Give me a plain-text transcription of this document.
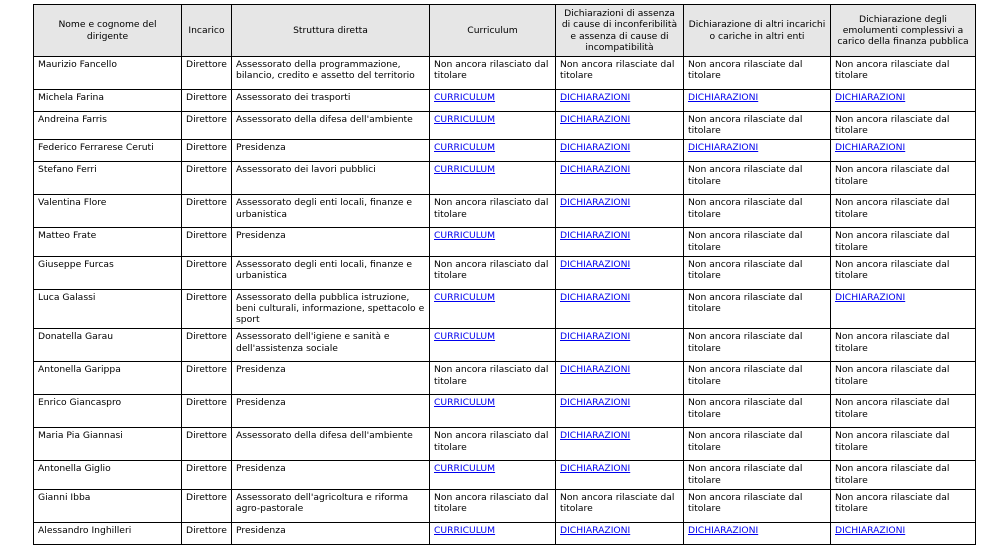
Nome e cognome del dirigente	Incarico	Struttura diretta	Curriculum	Dichiarazioni di assenza di cause di inconferibilità e assenza di cause di incompatibilità	Dichiarazione di altri incarichi o cariche in altri enti	Dichiarazione degli emolumenti complessivi a carico della finanza pubblica
Maurizio Fancello	Direttore	Assessorato della programmazione, bilancio, credito e assetto del territorio	Non ancora rilasciato dal titolare	Non ancora rilasciate dal titolare	Non ancora rilasciate dal titolare	Non ancora rilasciate dal titolare
Michela Farina	Direttore	Assessorato dei trasporti	CURRICULUM	DICHIARAZIONI	DICHIARAZIONI	DICHIARAZIONI
Andreina Farris	Direttore	Assessorato della difesa dell'ambiente	CURRICULUM	DICHIARAZIONI	Non ancora rilasciate dal titolare	Non ancora rilasciate dal titolare
Federico Ferrarese Ceruti	Direttore	Presidenza	CURRICULUM	DICHIARAZIONI	DICHIARAZIONI	DICHIARAZIONI
Stefano Ferri	Direttore	Assessorato dei lavori pubblici	CURRICULUM	DICHIARAZIONI	Non ancora rilasciate dal titolare	Non ancora rilasciate dal titolare
Valentina Flore	Direttore	Assessorato degli enti locali, finanze e urbanistica	Non ancora rilasciato dal titolare	DICHIARAZIONI	Non ancora rilasciate dal titolare	Non ancora rilasciate dal titolare
Matteo Frate	Direttore	Presidenza	CURRICULUM	DICHIARAZIONI	Non ancora rilasciate dal titolare	Non ancora rilasciate dal titolare
Giuseppe Furcas	Direttore	Assessorato degli enti locali, finanze e urbanistica	Non ancora rilasciato dal titolare	DICHIARAZIONI	Non ancora rilasciate dal titolare	Non ancora rilasciate dal titolare
Luca Galassi	Direttore	Assessorato della pubblica istruzione, beni culturali, informazione, spettacolo e sport	CURRICULUM	DICHIARAZIONI	Non ancora rilasciate dal titolare	DICHIARAZIONI
Donatella Garau	Direttore	Assessorato dell'igiene e sanità e dell'assistenza sociale	CURRICULUM	DICHIARAZIONI	Non ancora rilasciate dal titolare	Non ancora rilasciate dal titolare
Antonella Garippa	Direttore	Presidenza	Non ancora rilasciato dal titolare	DICHIARAZIONI	Non ancora rilasciate dal titolare	Non ancora rilasciate dal titolare
Enrico Giancaspro	Direttore	Presidenza	CURRICULUM	DICHIARAZIONI	Non ancora rilasciate dal titolare	Non ancora rilasciate dal titolare
Maria Pia Giannasi	Direttore	Assessorato della difesa dell'ambiente	Non ancora rilasciato dal titolare	DICHIARAZIONI	Non ancora rilasciate dal titolare	Non ancora rilasciate dal titolare
Antonella Giglio	Direttore	Presidenza	CURRICULUM	DICHIARAZIONI	Non ancora rilasciate dal titolare	Non ancora rilasciate dal titolare
Gianni Ibba	Direttore	Assessorato dell'agricoltura e riforma agro-pastorale	Non ancora rilasciato dal titolare	Non ancora rilasciate dal titolare	Non ancora rilasciate dal titolare	Non ancora rilasciate dal titolare
Alessandro Inghilleri	Direttore	Presidenza	CURRICULUM	DICHIARAZIONI	DICHIARAZIONI	DICHIARAZIONI
